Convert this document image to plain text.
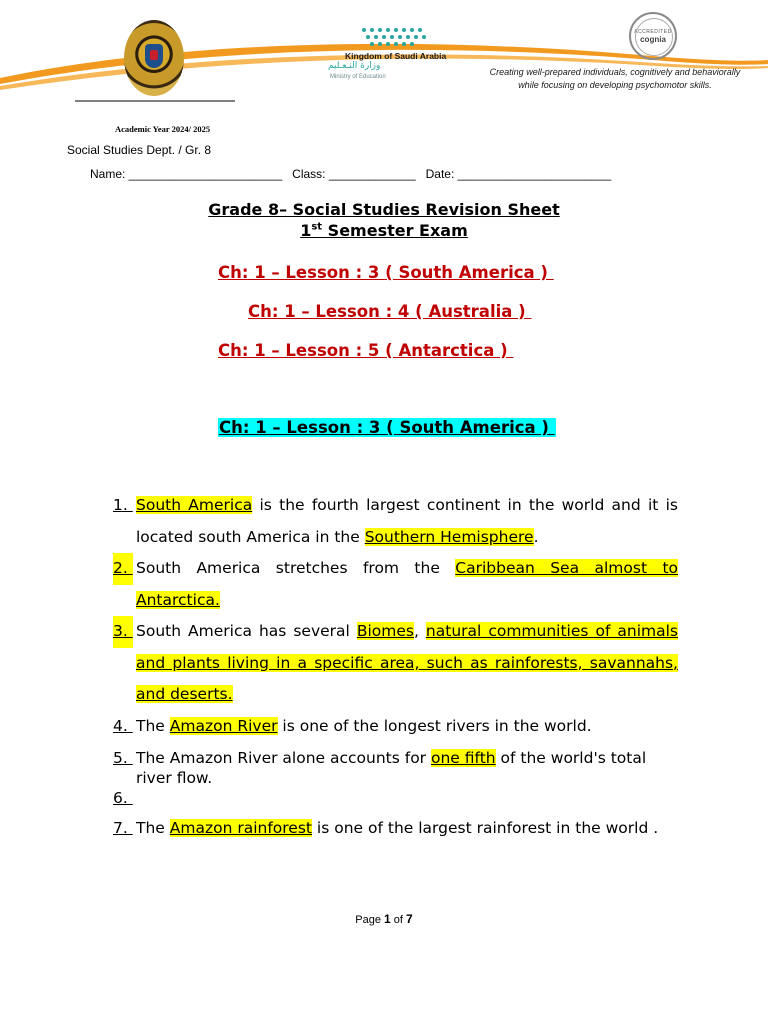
Kingdom of Saudi Arabia
وزارة التـعـليم
Ministry of Education
ACCREDITED
cognia
Creating well-prepared individuals, cognitively and behaviorally
while focusing on developing psychomotor skills.
Academic Year 2024/ 2025
Social Studies Dept. / Gr. 8
Name: _______________________   Class: _____________   Date: _______________________
Grade 8– Social Studies Revision Sheet
1st Semester Exam
Ch: 1 – Lesson : 3 ( South America )
Ch: 1 – Lesson : 4 ( Australia )
Ch: 1 – Lesson : 5 ( Antarctica )
Ch: 1 – Lesson : 3 ( South America )
1. South America is the fourth largest continent in the world and it is located south America in the Southern Hemisphere.
2. South America stretches from the Caribbean Sea almost to Antarctica.
3. South America has several Biomes, natural communities of animals and plants living in a specific area, such as rainforests, savannahs, and deserts.
4. The Amazon River is one of the longest rivers in the world.
5. The Amazon River alone accounts for one fifth of the world's total river flow.
6.
7. The Amazon rainforest is one of the largest rainforest in the world .
Page 1 of 7
